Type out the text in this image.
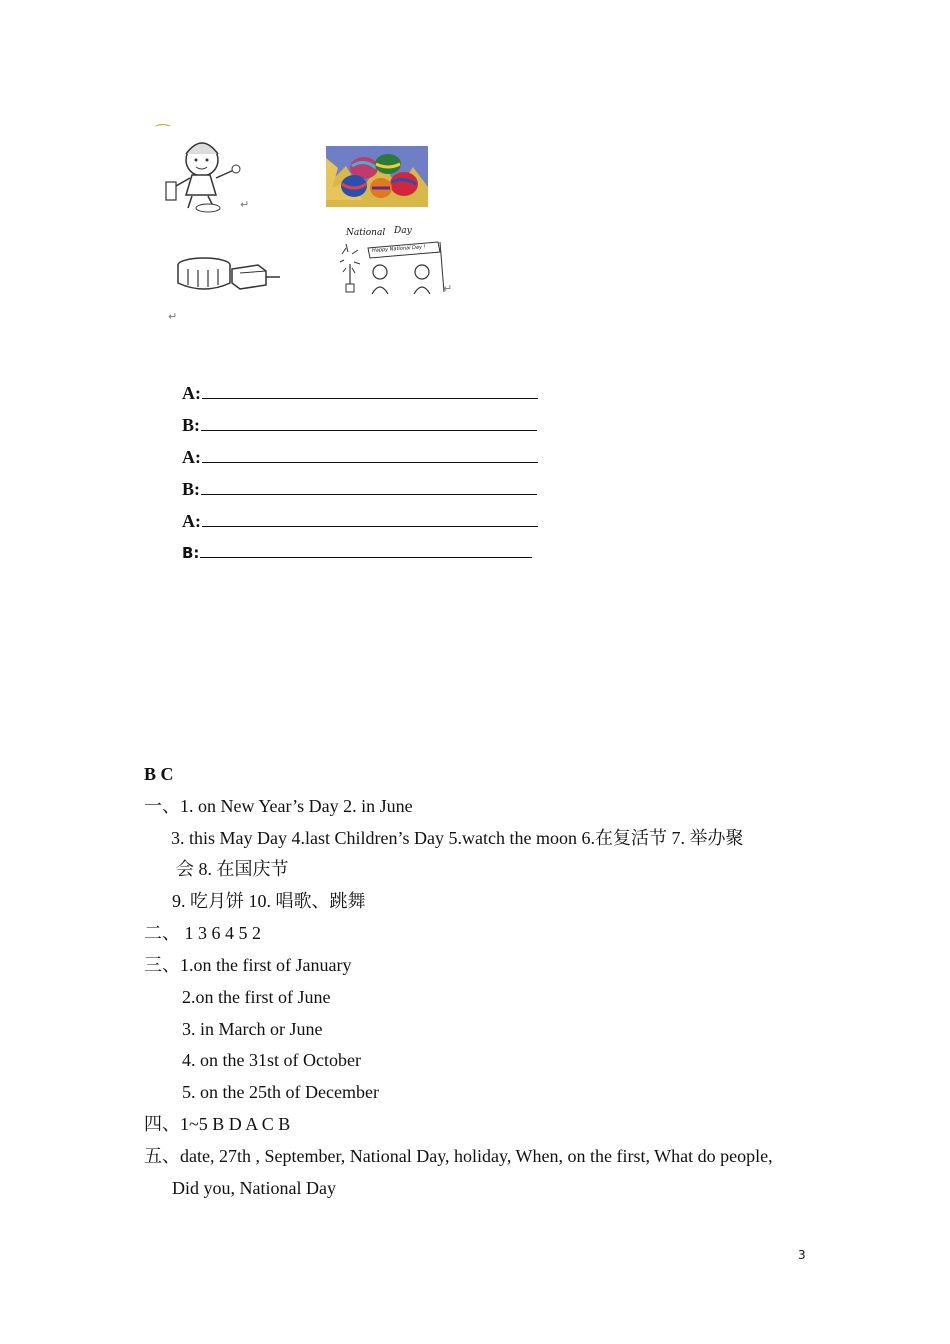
↵
↵
National Day
Happy National Day !
↵
A:
B:
A:
B:
A:
B:
B C
一、1. on New Year’s Day 2. in June
3. this May Day 4.last Children’s Day 5.watch the moon 6.在复活节 7. 举办聚
会 8. 在国庆节
9. 吃月饼 10. 唱歌、跳舞
二、 1 3 6 4 5 2
三、1.on the first of January
2.on the first of June
3. in March or June
4. on the 31st of October
5. on the 25th of December
四、1~5 B D A C B
五、date, 27th , September, National Day, holiday, When, on the first, What do people,
Did you, National Day
3
